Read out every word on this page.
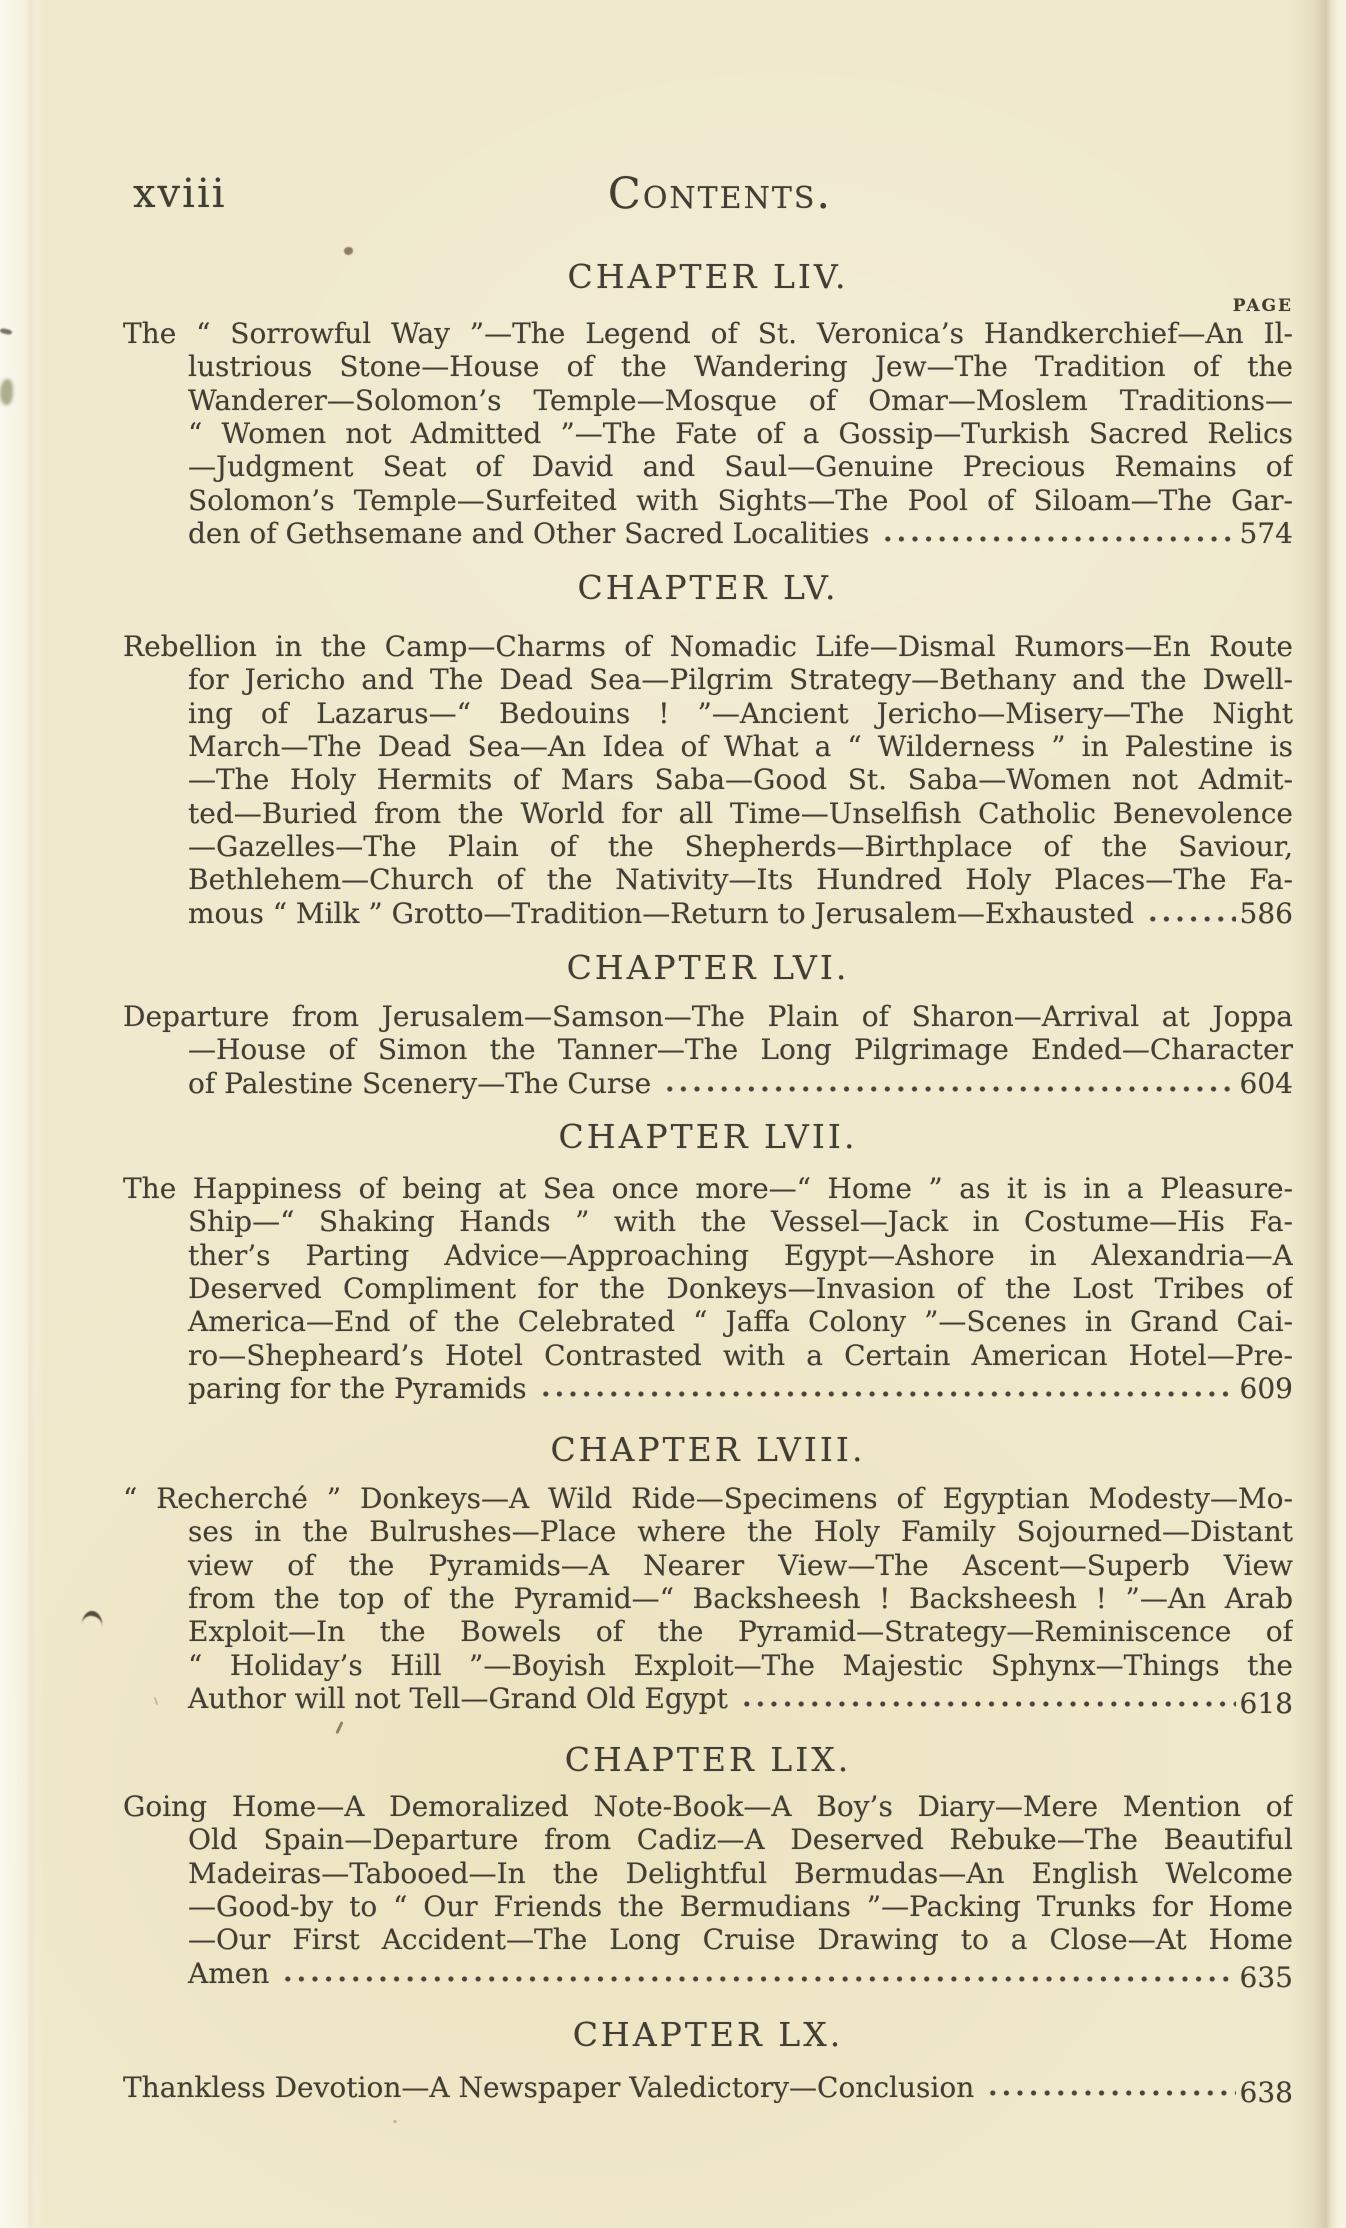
xviii	Contents.
PAGE
CHAPTER LIV.
The “ Sorrowful Way ”—The Legend of St. Veronica’s Handkerchief—An Il-
lustrious Stone—House of the Wandering Jew—The Tradition of the
Wanderer—Solomon’s Temple—Mosque of Omar—Moslem Traditions—
“ Women not Admitted ”—The Fate of a Gossip—Turkish Sacred Relics
—Judgment Seat of David and Saul—Genuine Precious Remains of
Solomon’s Temple—Surfeited with Sights—The Pool of Siloam—The Gar-
den of Gethsemane and Other Sacred Localities	574
CHAPTER LV.
Rebellion in the Camp—Charms of Nomadic Life—Dismal Rumors—En Route
for Jericho and The Dead Sea—Pilgrim Strategy—Bethany and the Dwell-
ing of Lazarus—“ Bedouins ! ”—Ancient Jericho—Misery—The Night
March—The Dead Sea—An Idea of What a “ Wilderness ” in Palestine is
—The Holy Hermits of Mars Saba—Good St. Saba—Women not Admit-
ted—Buried from the World for all Time—Unselfish Catholic Benevolence
—Gazelles—The Plain of the Shepherds—Birthplace of the Saviour,
Bethlehem—Church of the Nativity—Its Hundred Holy Places—The Fa-
mous “ Milk ” Grotto—Tradition—Return to Jerusalem—Exhausted	586
CHAPTER LVI.
Departure from Jerusalem—Samson—The Plain of Sharon—Arrival at Joppa
—House of Simon the Tanner—The Long Pilgrimage Ended—Character
of Palestine Scenery—The Curse	604
CHAPTER LVII.
The Happiness of being at Sea once more—“ Home ” as it is in a Pleasure-
Ship—“ Shaking Hands ” with the Vessel—Jack in Costume—His Fa-
ther’s Parting Advice—Approaching Egypt—Ashore in Alexandria—A
Deserved Compliment for the Donkeys—Invasion of the Lost Tribes of
America—End of the Celebrated “ Jaffa Colony ”—Scenes in Grand Cai-
ro—Shepheard’s Hotel Contrasted with a Certain American Hotel—Pre-
paring for the Pyramids	609
CHAPTER LVIII.
“ Recherché ” Donkeys—A Wild Ride—Specimens of Egyptian Modesty—Mo-
ses in the Bulrushes—Place where the Holy Family Sojourned—Distant
view of the Pyramids—A Nearer View—The Ascent—Superb View
from the top of the Pyramid—“ Backsheesh ! Backsheesh ! ”—An Arab
Exploit—In the Bowels of the Pyramid—Strategy—Reminiscence of
“ Holiday’s Hill ”—Boyish Exploit—The Majestic Sphynx—Things the
Author will not Tell—Grand Old Egypt	618
CHAPTER LIX.
Going Home—A Demoralized Note-Book—A Boy’s Diary—Mere Mention of
Old Spain—Departure from Cadiz—A Deserved Rebuke—The Beautiful
Madeiras—Tabooed—In the Delightful Bermudas—An English Welcome
—Good-by to “ Our Friends the Bermudians ”—Packing Trunks for Home
—Our First Accident—The Long Cruise Drawing to a Close—At Home
Amen	635
CHAPTER LX.
Thankless Devotion—A Newspaper Valedictory—Conclusion	638
